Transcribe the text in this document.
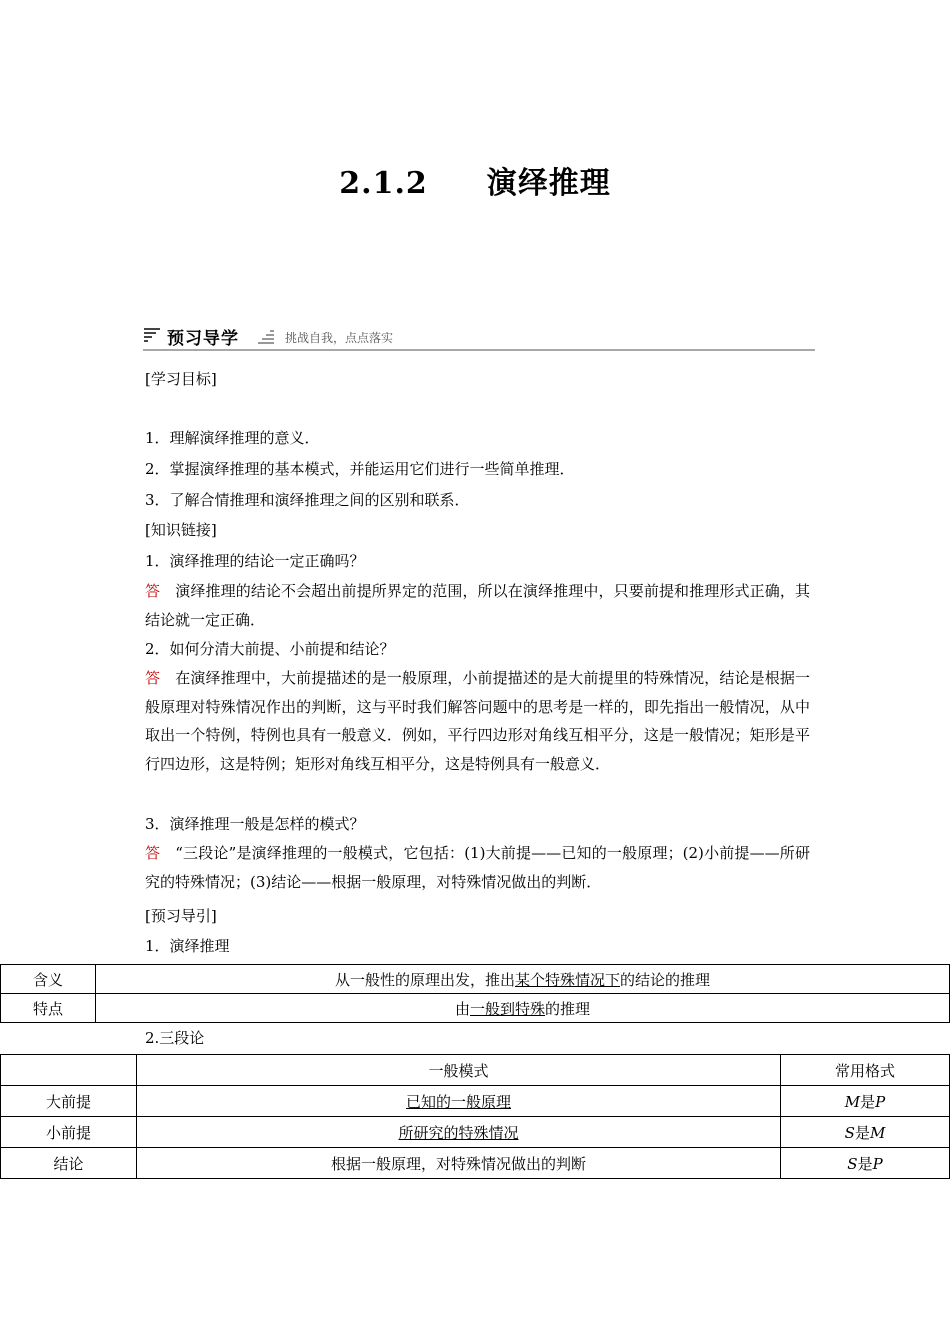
2.1.2  演绎推理
预习导学	挑战自我，点点落实
[学习目标]
1．理解演绎推理的意义．
2．掌握演绎推理的基本模式，并能运用它们进行一些简单推理．
3．了解合情推理和演绎推理之间的区别和联系．
[知识链接]
1．演绎推理的结论一定正确吗？
答  演绎推理的结论不会超出前提所界定的范围，所以在演绎推理中，只要前提和推理形式正确，其结论就一定正确．
2．如何分清大前提、小前提和结论？
答  在演绎推理中，大前提描述的是一般原理，小前提描述的是大前提里的特殊情况，结论是根据一般原理对特殊情况作出的判断，这与平时我们解答问题中的思考是一样的，即先指出一般情况，从中取出一个特例，特例也具有一般意义．例如，平行四边形对角线互相平分，这是一般情况；矩形是平行四边形，这是特例；矩形对角线互相平分，这是特例具有一般意义．
3．演绎推理一般是怎样的模式？
答  “三段论”是演绎推理的一般模式，它包括：(1)大前提——已知的一般原理；(2)小前提——所研究的特殊情况；(3)结论——根据一般原理，对特殊情况做出的判断．
[预习导引]
1．演绎推理
含义	从一般性的原理出发，推出某个特殊情况下的结论的推理
特点	由一般到特殊的推理
2.三段论
	一般模式	常用格式
大前提	已知的一般原理	M是P
小前提	所研究的特殊情况	S是M
结论	根据一般原理，对特殊情况做出的判断	S是P
